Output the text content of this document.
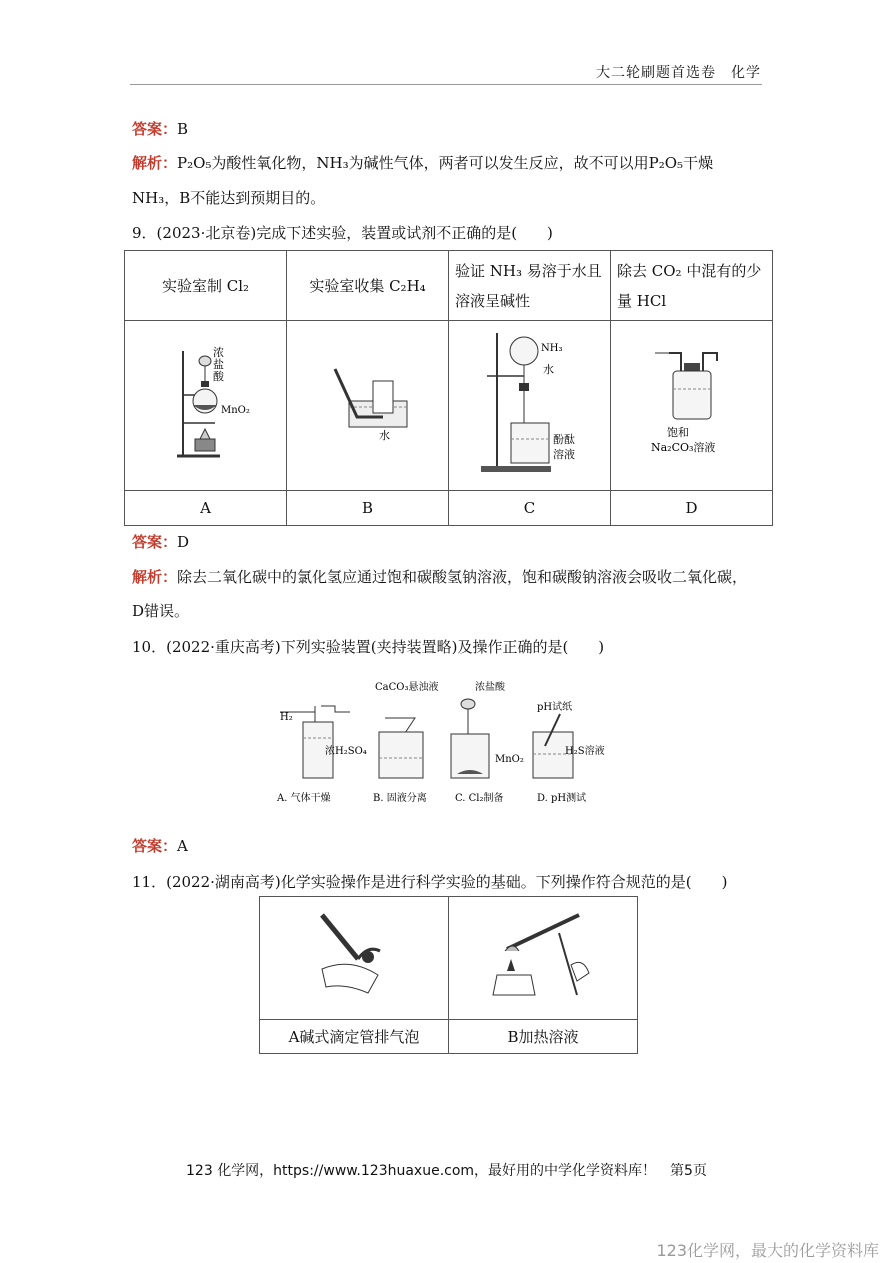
大二轮刷题首选卷　化学
答案：B
解析：P₂O₅为酸性氧化物，NH₃为碱性气体，两者可以发生反应，故不可以用P₂O₅干燥
NH₃，B不能达到预期目的。
9．(2023·北京卷)完成下述实验，装置或试剂不正确的是(　　)
实验室制 Cl₂	实验室收集 C₂H₄	验证 NH₃ 易溶于水且溶液呈碱性	除去 CO₂ 中混有的少量 HCl

浓
盐
酸
MnO₂	水	NH₃
水
酚酞
溶液	饱和
Na₂CO₃溶液

A	B	C	D
答案：D
解析：除去二氧化碳中的氯化氢应通过饱和碳酸氢钠溶液，饱和碳酸钠溶液会吸收二氧化碳，
D错误。
10．(2022·重庆高考)下列实验装置(夹持装置略)及操作正确的是(　　)
H₂
浓H₂SO₄
A. 气体干燥
CaCO₃悬浊液
B. 固液分离
浓盐酸
MnO₂
C. Cl₂制备
pH试纸
H₂S溶液
D. pH测试
答案：A
11．(2022·湖南高考)化学实验操作是进行科学实验的基础。下列操作符合规范的是(　　)

A碱式滴定管排气泡	B加热溶液
123 化学网，https://www.123huaxue.com，最好用的中学化学资料库！　第5页
123化学网，最大的化学资料库
